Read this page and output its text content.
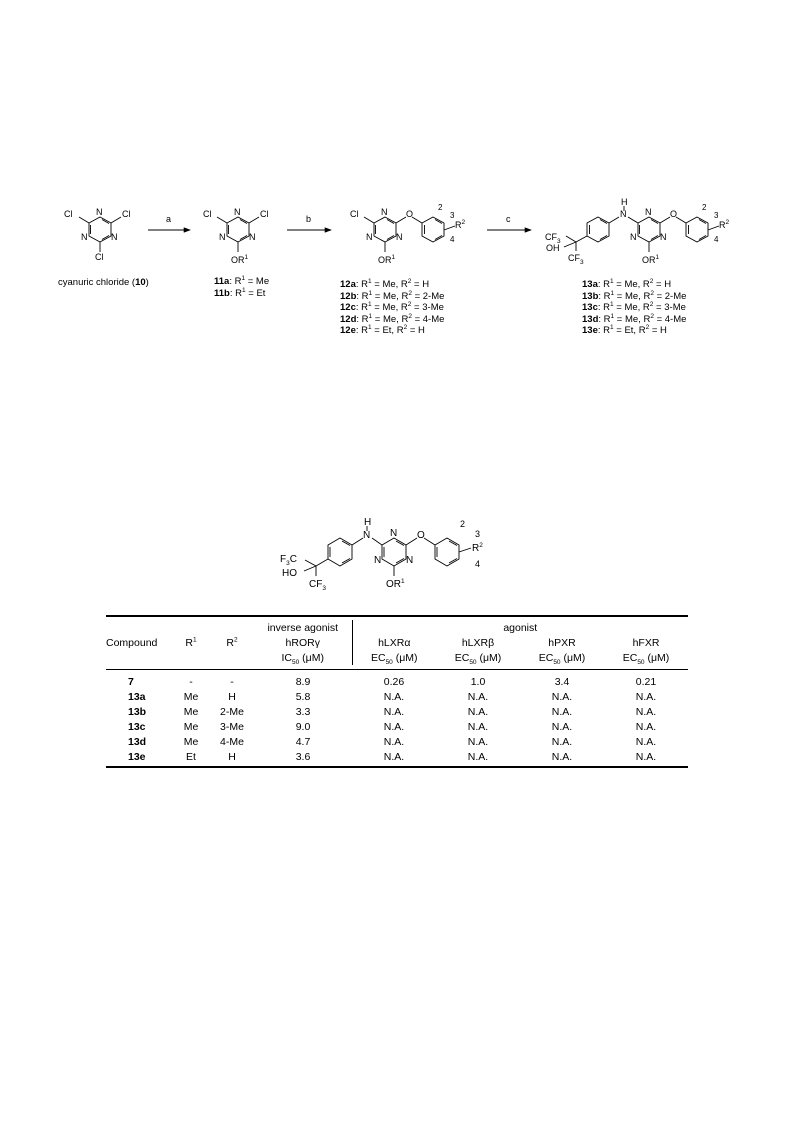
Cl	Cl
Cl
N
N
N
a	Cl	Cl
N
N
N
$OR^1$
b	Cl	N
N
N
O
$OR^1$
$R^2$
2
3
4
c
H
N N
N
N
O
$OR^1$
$R^2$
$CF_3$
OH
$CF_3$
2
3
4
cyanuric chloride (10)	11a: $R^1 = Me$
11b: $R^1 = Et$
12a: $R^1 = Me$, $R^2 = H$
12b: $R^1 = Me$, $R^2 = 2-Me$
12c: $R^1 = Me$, $R^2 = 3-Me$
12d: $R^1 = Me$, $R^2 = 4-Me$
12e: $R^1 = Et$, $R^2 = H$
13a: $R^1 = Me$, $R^2 = H$
13b: $R^1 = Me$, $R^2 = 2-Me$
13c: $R^1 = Me$, $R^2 = 3-Me$
13d: $R^1 = Me$, $R^2 = 4-Me$
13e: $R^1 = Et$, $R^2 = H$
H
N N
N
N
O
$OR^1$
$R^2$
$F_3C$
HO
$CF_3$
2
3
4
			inverse agonist	agonist			
Compound	$R^1$	$R^2$	hRORγ	hLXRα	hLXRβ	hPXR	hFXR
			$IC_{50}$ (μM)	$EC_{50}$ (μM)	$EC_{50}$ (μM)	$EC_{50}$ (μM)	$EC_{50}$ (μM)

7	-	-	8.9	0.26	1.0	3.4	0.21
13a	Me	H	5.8	N.A.	N.A.	N.A.	N.A.
13b	Me	2-Me	3.3	N.A.	N.A.	N.A.	N.A.
13c	Me	3-Me	9.0	N.A.	N.A.	N.A.	N.A.
13d	Me	4-Me	4.7	N.A.	N.A.	N.A.	N.A.
13e	Et	H	3.6	N.A.	N.A.	N.A.	N.A.
